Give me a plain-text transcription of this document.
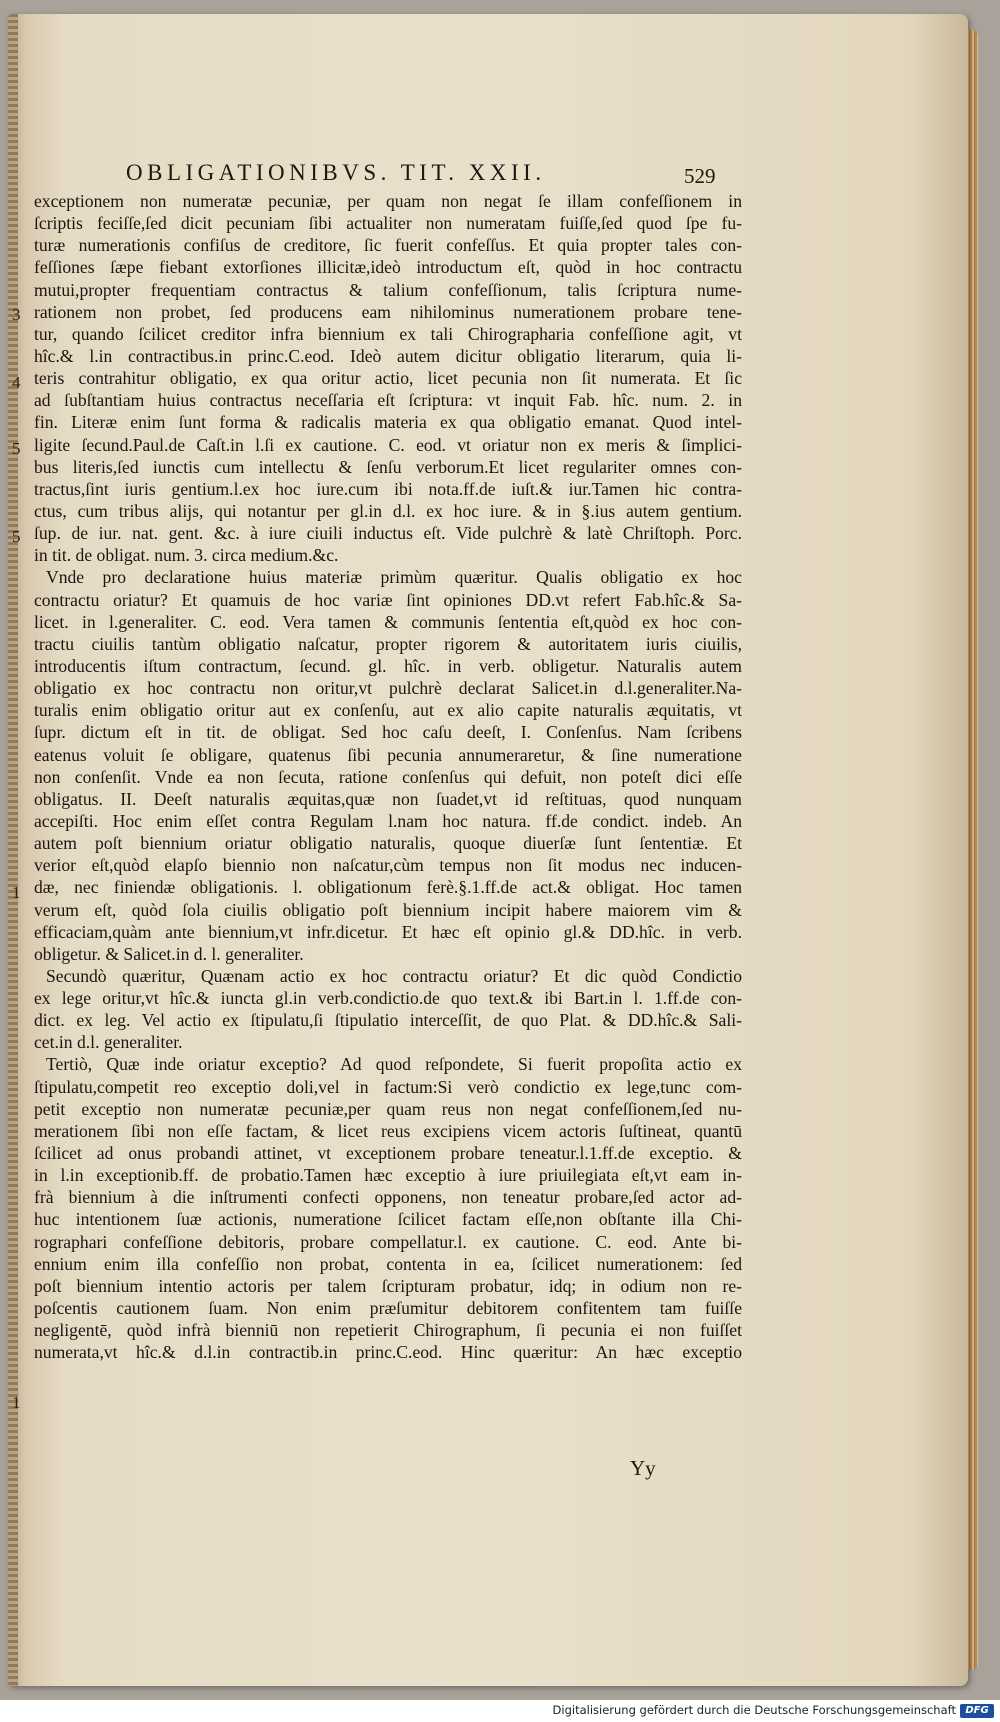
OBLIGATIONIBVS. TIT. XXII.	529
3
4
5
5
1
1
exceptionem non numeratæ pecuniæ, per quam non negat ſe illam confeſſionem in
ſcriptis feciſſe,ſed dicit pecuniam ſibi actualiter non numeratam fuiſſe,ſed quod ſpe fu-
turæ numerationis confiſus de creditore, ſic fuerit confeſſus. Et quia propter tales con-
feſſiones ſæpe fiebant extorſiones illicitæ,ideò introductum eſt, quòd in hoc contractu
mutui,propter frequentiam contractus & talium confeſſionum, talis ſcriptura nume-
rationem non probet, ſed producens eam nihilominus numerationem probare tene-
tur, quando ſcilicet creditor infra biennium ex tali Chirographaria confeſſione agit, vt
hîc.& l.in contractibus.in princ.C.eod. Ideò autem dicitur obligatio literarum, quia li-
teris contrahitur obligatio, ex qua oritur actio, licet pecunia non ſit numerata. Et ſic
ad ſubſtantiam huius contractus neceſſaria eſt ſcriptura: vt inquit Fab. hîc. num. 2. in
fin. Literæ enim ſunt forma & radicalis materia ex qua obligatio emanat. Quod intel-
ligite ſecund.Paul.de Caſt.in l.ſi ex cautione. C. eod. vt oriatur non ex meris & ſimplici-
bus literis,ſed iunctis cum intellectu & ſenſu verborum.Et licet regulariter omnes con-
tractus,ſint iuris gentium.l.ex hoc iure.cum ibi nota.ff.de iuſt.& iur.Tamen hic contra-
ctus, cum tribus alijs, qui notantur per gl.in d.l. ex hoc iure. & in §.ius autem gentium.
ſup. de iur. nat. gent. &c. à iure ciuili inductus eſt. Vide pulchrè & latè Chriſtoph. Porc.
in tit. de obligat. num. 3. circa medium.&c.
Vnde pro declaratione huius materiæ primùm quæritur. Qualis obligatio ex hoc
contractu oriatur? Et quamuis de hoc variæ ſint opiniones DD.vt refert Fab.hîc.& Sa-
licet. in l.generaliter. C. eod. Vera tamen & communis ſententia eſt,quòd ex hoc con-
tractu ciuilis tantùm obligatio naſcatur, propter rigorem & autoritatem iuris ciuilis,
introducentis iſtum contractum, ſecund. gl. hîc. in verb. obligetur. Naturalis autem
obligatio ex hoc contractu non oritur,vt pulchrè declarat Salicet.in d.l.generaliter.Na-
turalis enim obligatio oritur aut ex conſenſu, aut ex alio capite naturalis æquitatis, vt
ſupr. dictum eſt in tit. de obligat. Sed hoc caſu deeſt, I. Conſenſus. Nam ſcribens
eatenus voluit ſe obligare, quatenus ſibi pecunia annumeraretur, & ſine numeratione
non conſenſit. Vnde ea non ſecuta, ratione conſenſus qui defuit, non poteſt dici eſſe
obligatus. II. Deeſt naturalis æquitas,quæ non ſuadet,vt id reſtituas, quod nunquam
accepiſti. Hoc enim eſſet contra Regulam l.nam hoc natura. ff.de condict. indeb. An
autem poſt biennium oriatur obligatio naturalis, quoque diuerſæ ſunt ſententiæ. Et
verior eſt,quòd elapſo biennio non naſcatur,cùm tempus non ſit modus nec inducen-
dæ, nec finiendæ obligationis. l. obligationum ferè.§.1.ff.de act.& obligat. Hoc tamen
verum eſt, quòd ſola ciuilis obligatio poſt biennium incipit habere maiorem vim &
efficaciam,quàm ante biennium,vt infr.dicetur. Et hæc eſt opinio gl.& DD.hîc. in verb.
obligetur. & Salicet.in d. l. generaliter.
Secundò quæritur, Quænam actio ex hoc contractu oriatur? Et dic quòd Condictio
ex lege oritur,vt hîc.& iuncta gl.in verb.condictio.de quo text.& ibi Bart.in l. 1.ff.de con-
dict. ex leg. Vel actio ex ſtipulatu,ſi ſtipulatio interceſſit, de quo Plat. & DD.hîc.& Sali-
cet.in d.l. generaliter.
Tertiò, Quæ inde oriatur exceptio? Ad quod reſpondete, Si fuerit propoſita actio ex
ſtipulatu,competit reo exceptio doli,vel in factum:Si verò condictio ex lege,tunc com-
petit exceptio non numeratæ pecuniæ,per quam reus non negat confeſſionem,ſed nu-
merationem ſibi non eſſe factam, & licet reus excipiens vicem actoris ſuſtineat, quantū
ſcilicet ad onus probandi attinet, vt exceptionem probare teneatur.l.1.ff.de exceptio. &
in l.in exceptionib.ff. de probatio.Tamen hæc exceptio à iure priuilegiata eſt,vt eam in-
frà biennium à die inſtrumenti confecti opponens, non teneatur probare,ſed actor ad-
huc intentionem ſuæ actionis, numeratione ſcilicet factam eſſe,non obſtante illa Chi-
rographari confeſſione debitoris, probare compellatur.l. ex cautione. C. eod. Ante bi-
ennium enim illa confeſſio non probat, contenta in ea, ſcilicet numerationem: ſed
poſt biennium intentio actoris per talem ſcripturam probatur, idq; in odium non re-
poſcentis cautionem ſuam. Non enim præſumitur debitorem confitentem tam fuiſſe
negligentē, quòd infrà bienniū non repetierit Chirographum, ſi pecunia ei non fuiſſet
numerata,vt hîc.& d.l.in contractib.in princ.C.eod. Hinc quæritur: An hæc exceptio
Yy
Digitalisierung gefördert durch die Deutsche Forschungsgemeinschaft DFG
